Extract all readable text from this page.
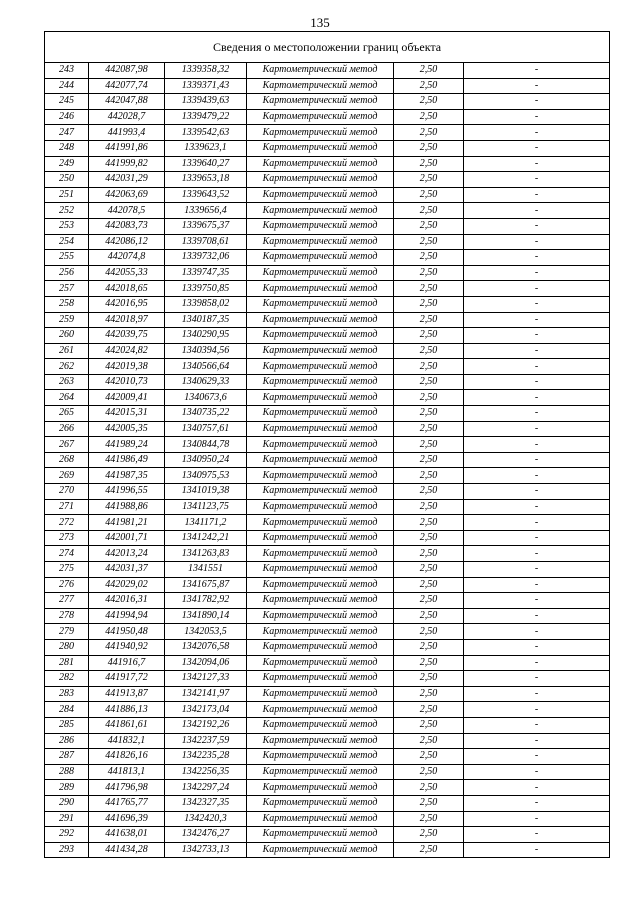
135
Сведения о местоположении границ объекта					
243	442087,98	1339358,32	Картометрический метод	2,50	-
244	442077,74	1339371,43	Картометрический метод	2,50	-
245	442047,88	1339439,63	Картометрический метод	2,50	-
246	442028,7	1339479,22	Картометрический метод	2,50	-
247	441993,4	1339542,63	Картометрический метод	2,50	-
248	441991,86	1339623,1	Картометрический метод	2,50	-
249	441999,82	1339640,27	Картометрический метод	2,50	-
250	442031,29	1339653,18	Картометрический метод	2,50	-
251	442063,69	1339643,52	Картометрический метод	2,50	-
252	442078,5	1339656,4	Картометрический метод	2,50	-
253	442083,73	1339675,37	Картометрический метод	2,50	-
254	442086,12	1339708,61	Картометрический метод	2,50	-
255	442074,8	1339732,06	Картометрический метод	2,50	-
256	442055,33	1339747,35	Картометрический метод	2,50	-
257	442018,65	1339750,85	Картометрический метод	2,50	-
258	442016,95	1339858,02	Картометрический метод	2,50	-
259	442018,97	1340187,35	Картометрический метод	2,50	-
260	442039,75	1340290,95	Картометрический метод	2,50	-
261	442024,82	1340394,56	Картометрический метод	2,50	-
262	442019,38	1340566,64	Картометрический метод	2,50	-
263	442010,73	1340629,33	Картометрический метод	2,50	-
264	442009,41	1340673,6	Картометрический метод	2,50	-
265	442015,31	1340735,22	Картометрический метод	2,50	-
266	442005,35	1340757,61	Картометрический метод	2,50	-
267	441989,24	1340844,78	Картометрический метод	2,50	-
268	441986,49	1340950,24	Картометрический метод	2,50	-
269	441987,35	1340975,53	Картометрический метод	2,50	-
270	441996,55	1341019,38	Картометрический метод	2,50	-
271	441988,86	1341123,75	Картометрический метод	2,50	-
272	441981,21	1341171,2	Картометрический метод	2,50	-
273	442001,71	1341242,21	Картометрический метод	2,50	-
274	442013,24	1341263,83	Картометрический метод	2,50	-
275	442031,37	1341551	Картометрический метод	2,50	-
276	442029,02	1341675,87	Картометрический метод	2,50	-
277	442016,31	1341782,92	Картометрический метод	2,50	-
278	441994,94	1341890,14	Картометрический метод	2,50	-
279	441950,48	1342053,5	Картометрический метод	2,50	-
280	441940,92	1342076,58	Картометрический метод	2,50	-
281	441916,7	1342094,06	Картометрический метод	2,50	-
282	441917,72	1342127,33	Картометрический метод	2,50	-
283	441913,87	1342141,97	Картометрический метод	2,50	-
284	441886,13	1342173,04	Картометрический метод	2,50	-
285	441861,61	1342192,26	Картометрический метод	2,50	-
286	441832,1	1342237,59	Картометрический метод	2,50	-
287	441826,16	1342235,28	Картометрический метод	2,50	-
288	441813,1	1342256,35	Картометрический метод	2,50	-
289	441796,98	1342297,24	Картометрический метод	2,50	-
290	441765,77	1342327,35	Картометрический метод	2,50	-
291	441696,39	1342420,3	Картометрический метод	2,50	-
292	441638,01	1342476,27	Картометрический метод	2,50	-
293	441434,28	1342733,13	Картометрический метод	2,50	-
